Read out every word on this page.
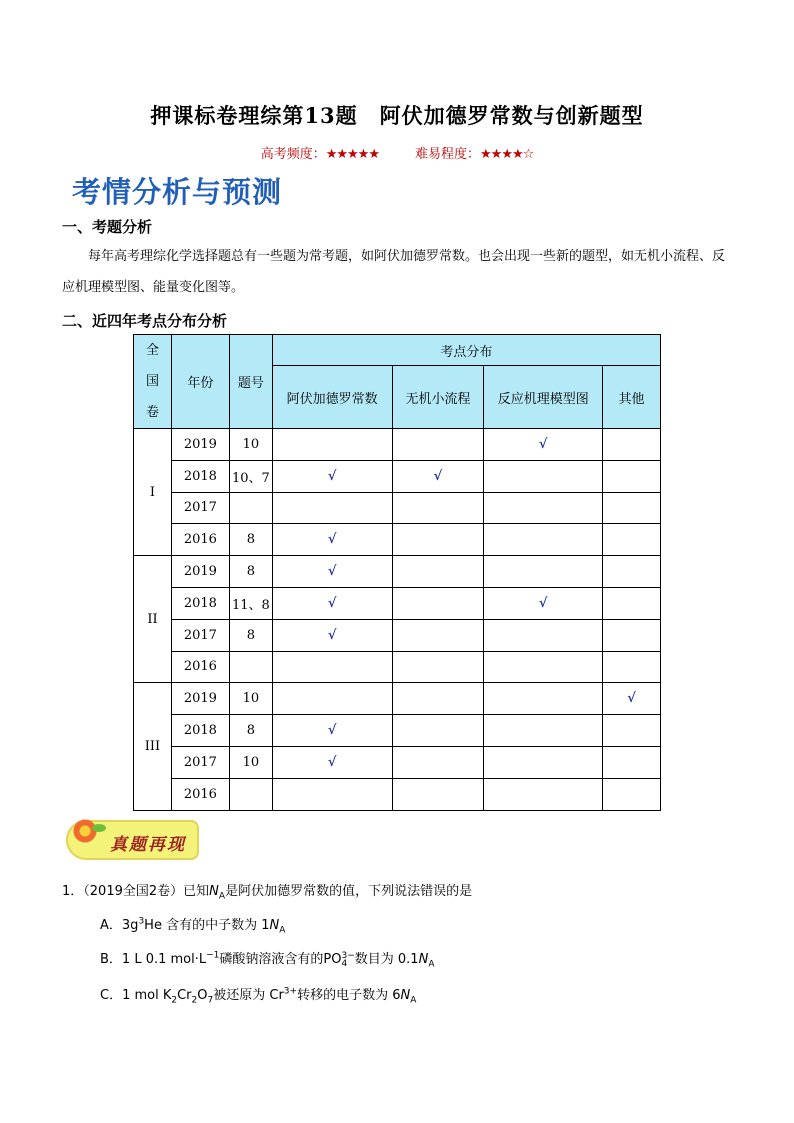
押课标卷理综第13题　阿伏加德罗常数与创新题型
高考频度：★★★★★	难易程度：★★★★☆
考情分析与预测
一、考题分析
每年高考理综化学选择题总有一些题为常考题，如阿伏加德罗常数。也会出现一些新的题型，如无机小流程、反应机理模型图、能量变化图等。
二、近四年考点分布分析
全国卷	年份	题号	考点分布			
			阿伏加德罗常数	无机小流程	反应机理模型图	其他
I	2019	10			√	
	2018	10、7	√	√		
	2017					
	2016	8	√			
II	2019	8	√			
	2018	11、8	√		√	
	2017	8	√			
	2016					
III	2019	10				√
	2018	8	√			
	2017	10	√			
	2016					
真题再现
1．（2019全国2卷）已知$N_A$是阿伏加德罗常数的值，下列说法错误的是
A．$3g^3He$ 含有的中子数为 $1N_A$
B．1 L 0.1 $mol\cdot L^{-1}$磷酸钠溶液含有的PO3−
4 数目为 $0.1N_A$
C．1 mol $K_2Cr_2O_7$被还原为 $Cr^{3+}$转移的电子数为 $6N_A$
